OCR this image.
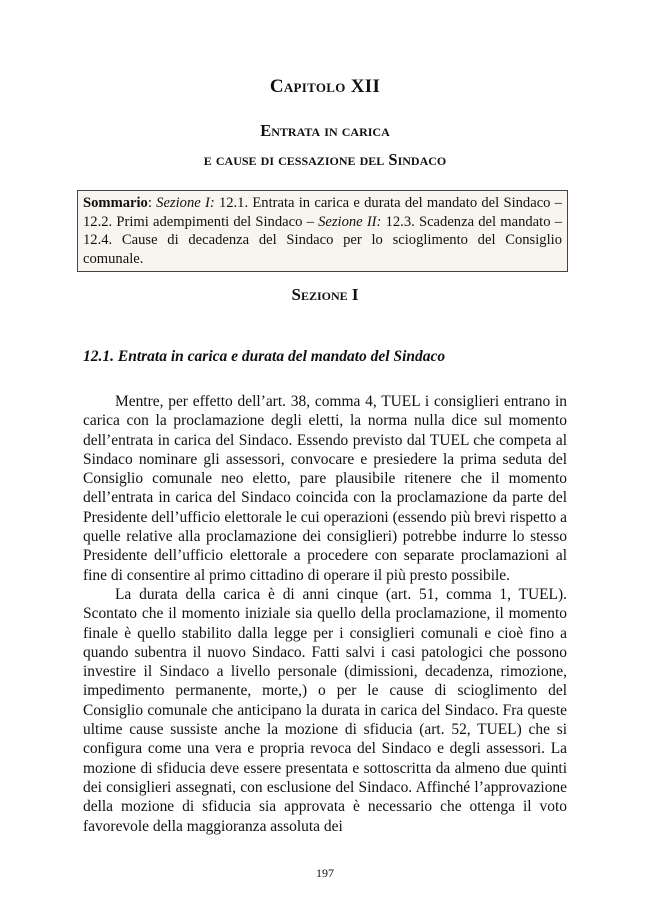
Capitolo XII
Entrata in carica
e cause di cessazione del Sindaco
Sommario: Sezione I: 12.1. Entrata in carica e durata del mandato del Sindaco – 12.2. Primi adempimenti del Sindaco – Sezione II: 12.3. Scadenza del mandato –12.4. Cause di decadenza del Sindaco per lo scioglimento del Consiglio comunale.
Sezione I
12.1. Entrata in carica e durata del mandato del Sindaco

Mentre, per effetto dell’art. 38, comma 4, TUEL i consiglieri entrano in carica con la proclamazione degli eletti, la norma nulla dice sul momento dell’entrata in carica del Sindaco. Essendo previsto dal TUEL che competa al Sindaco nominare gli assessori, convocare e presiedere la prima seduta del Consiglio comunale neo eletto, pare plausibile ritenere che il momento dell’entrata in carica del Sindaco coincida con la proclamazione da parte del Presidente dell’ufficio elettorale le cui operazioni (essendo più brevi rispetto a quelle relative alla proclamazione dei consiglieri) potrebbe indurre lo stesso Presidente dell’ufficio elettorale a procedere con separate proclamazioni al fine di consentire al primo cittadino di operare il più presto possibile.

La durata della carica è di anni cinque (art. 51, comma 1, TUEL). Scontato che il momento iniziale sia quello della proclamazione, il momento finale è quello stabilito dalla legge per i consiglieri comunali e cioè fino a quando subentra il nuovo Sindaco. Fatti salvi i casi patologici che possono investire il Sindaco a livello personale (dimissioni, decadenza, rimozione, impedimento permanente, morte,) o per le cause di scioglimento del Consiglio comunale che anticipano la durata in carica del Sindaco. Fra queste ultime cause sussiste anche la mozione di sfiducia (art. 52, TUEL) che si configura come una vera e propria revoca del Sindaco e degli assessori. La mozione di sfiducia deve essere presentata e sottoscritta da almeno due quinti dei consiglieri assegnati, con esclusione del Sindaco. Affinché l’approvazione della mozione di sfiducia sia approvata è necessario che ottenga il voto favorevole della maggioranza assoluta dei

197
